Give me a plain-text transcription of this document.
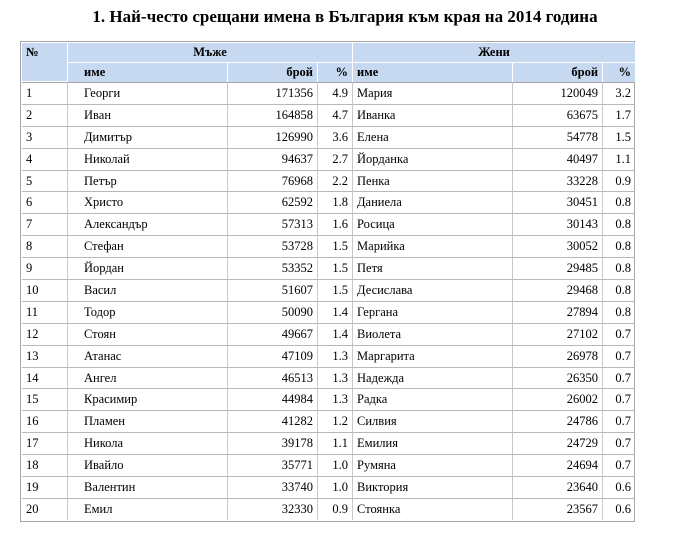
1. Най-често срещани имена в България към края на 2014 година
№	Мъже			Жени		
	име	брой	%	име	брой	%
1	Георги	171356	4.9	Мария	120049	3.2
2	Иван	164858	4.7	Иванка	63675	1.7
3	Димитър	126990	3.6	Елена	54778	1.5
4	Николай	94637	2.7	Йорданка	40497	1.1
5	Петър	76968	2.2	Пенка	33228	0.9
6	Христо	62592	1.8	Даниела	30451	0.8
7	Александър	57313	1.6	Росица	30143	0.8
8	Стефан	53728	1.5	Марийка	30052	0.8
9	Йордан	53352	1.5	Петя	29485	0.8
10	Васил	51607	1.5	Десислава	29468	0.8
11	Тодор	50090	1.4	Гергана	27894	0.8
12	Стоян	49667	1.4	Виолета	27102	0.7
13	Атанас	47109	1.3	Маргарита	26978	0.7
14	Ангел	46513	1.3	Надежда	26350	0.7
15	Красимир	44984	1.3	Радка	26002	0.7
16	Пламен	41282	1.2	Силвия	24786	0.7
17	Никола	39178	1.1	Емилия	24729	0.7
18	Ивайло	35771	1.0	Румяна	24694	0.7
19	Валентин	33740	1.0	Виктория	23640	0.6
20	Емил	32330	0.9	Стоянка	23567	0.6
